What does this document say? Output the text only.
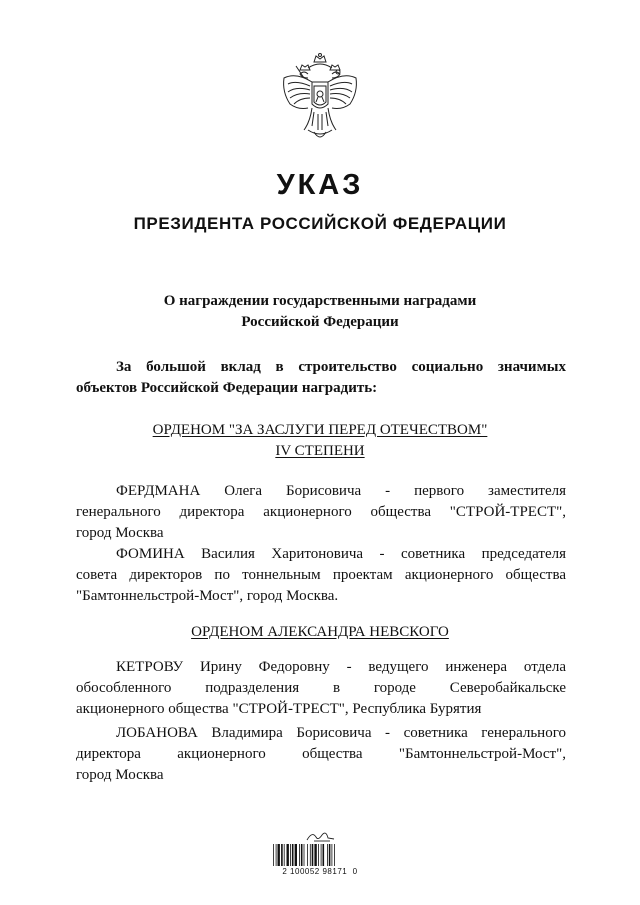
УКАЗ
ПРЕЗИДЕНТА РОССИЙСКОЙ ФЕДЕРАЦИИ
О награждении государственными наградами
Российской Федерации
За большой вклад в строительство социально значимых
объектов Российской Федерации наградить:
ОРДЕНОМ "ЗА ЗАСЛУГИ ПЕРЕД ОТЕЧЕСТВОМ"
IV СТЕПЕНИ
ФЕРДМАНА Олега Борисовича - первого заместителя
генерального директора акционерного общества "СТРОЙ-ТРЕСТ",
город Москва
ФОМИНА Василия Харитоновича - советника председателя
совета директоров по тоннельным проектам акционерного общества
"Бамтоннельстрой-Мост", город Москва.
ОРДЕНОМ АЛЕКСАНДРА НЕВСКОГО
КЕТРОВУ Ирину Федоровну - ведущего инженера отдела
обособленного подразделения в городе Северобайкальске
акционерного общества "СТРОЙ-ТРЕСТ", Республика Бурятия
ЛОБАНОВА Владимира Борисовича - советника генерального
директора акционерного общества "Бамтоннельстрой-Мост",
город Москва
2 100052 98171  0
